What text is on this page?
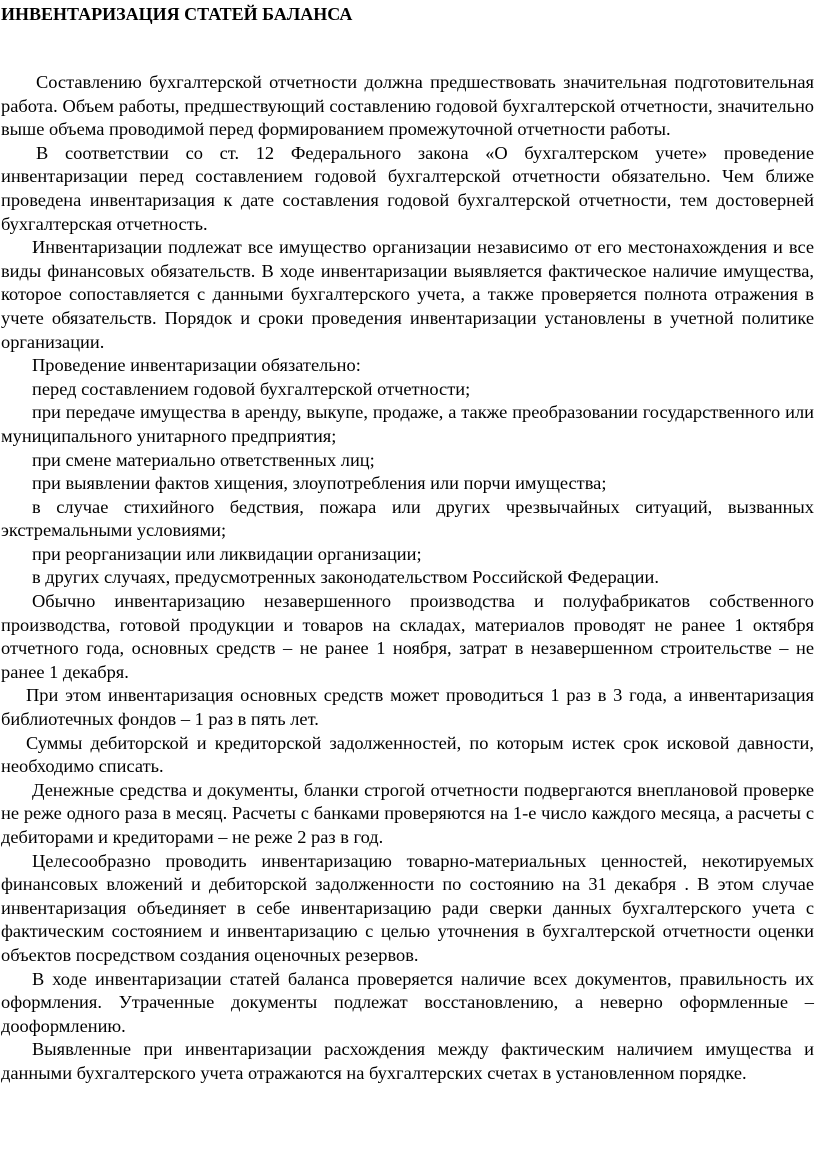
ИНВЕНТАРИЗАЦИЯ СТАТЕЙ БАЛАНСА

Составлению бухгалтерской отчетности должна предшествовать значительная подготовительная работа. Объем работы, предшествующий составлению годовой бухгалтерской отчетности, значительно выше объема проводимой перед формированием промежуточной отчетности работы.

В соответствии со ст. 12 Федерального закона «О бухгалтерском учете» проведение инвентаризации перед составлением годовой бухгалтерской отчетности обязательно. Чем ближе проведена инвентаризация к дате составления годовой бухгалтерской отчетности, тем достоверней бухгалтерская отчетность.

Инвентаризации подлежат все имущество организации независимо от его местонахождения и все виды финансовых обязательств. В ходе инвентаризации выявляется фактическое наличие имущества, которое сопоставляется с данными бухгалтерского учета, а также проверяется полнота отражения в учете обязательств. Порядок и сроки проведения инвентаризации установлены в учетной политике организации.

Проведение инвентаризации обязательно:

перед составлением годовой бухгалтерской отчетности;

при передаче имущества в аренду, выкупе, продаже, а также преобразовании государственного или муниципального унитарного предприятия;

при смене материально ответственных лиц;

при выявлении фактов хищения, злоупотребления или порчи имущества;

в случае стихийного бедствия, пожара или других чрезвычайных ситуаций, вызванных экстремальными условиями;

при реорганизации или ликвидации организации;

в других случаях, предусмотренных законодательством Российской Федерации.

Обычно инвентаризацию незавершенного производства и полуфабрикатов собственного производства, готовой продукции и товаров на складах, материалов проводят не ранее 1 октября отчетного года, основных средств – не ранее 1 ноября, затрат в незавершенном строительстве – не ранее 1 декабря.

При этом инвентаризация основных средств может проводиться 1 раз в 3 года, а инвентаризация библиотечных фондов – 1 раз в пять лет.

Суммы дебиторской и кредиторской задолженностей, по которым истек срок исковой давности, необходимо списать.

Денежные средства и документы, бланки строгой отчетности подвергаются внеплановой проверке не реже одного раза в месяц. Расчеты с банками проверяются на 1-е число каждого месяца, а расчеты с дебиторами и кредиторами – не реже 2 раз в год.

Целесообразно проводить инвентаризацию товарно-материальных ценностей, некотируемых финансовых вложений и дебиторской задолженности по состоянию на 31 декабря . В этом случае инвентаризация объединяет в себе инвентаризацию ради сверки данных бухгалтерского учета с фактическим состоянием и инвентаризацию с целью уточнения в бухгалтерской отчетности оценки объектов посредством создания оценочных резервов.

В ходе инвентаризации статей баланса проверяется наличие всех документов, правильность их оформления. Утраченные документы подлежат восстановлению, а неверно оформленные – дооформлению.

Выявленные при инвентаризации расхождения между фактическим наличием имущества и данными бухгалтерского учета отражаются на бухгалтерских счетах в установленном порядке.
